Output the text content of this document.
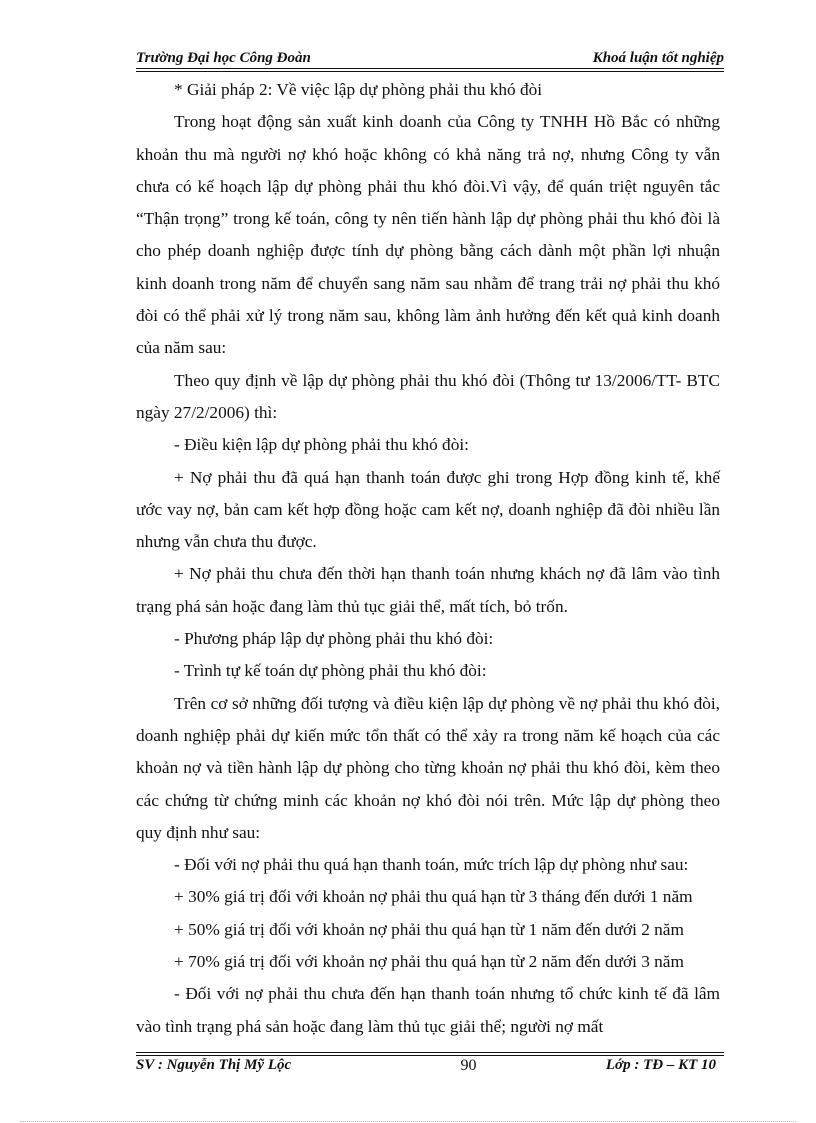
Trường Đại học Công Đoàn	Khoá luận tốt nghiệp

* Giải pháp 2: Về việc lập dự phòng phải thu khó đòi

Trong hoạt động sản xuất kinh doanh của Công ty TNHH Hồ Bắc có những khoản thu mà người nợ khó hoặc không có khả năng trả nợ, nhưng Công ty vẫn chưa có kế hoạch lập dự phòng phải thu khó đòi.Vì vậy, để quán triệt nguyên tắc “Thận trọng” trong kế toán, công ty nên tiến hành lập dự phòng phải thu khó đòi là cho phép doanh nghiệp được tính dự phòng bằng cách dành một phần lợi nhuận kinh doanh trong năm để chuyển sang năm sau nhằm để trang trải nợ phải thu khó đòi có thể phải xử lý trong năm sau, không làm ảnh hưởng đến kết quả kinh doanh của năm sau:

Theo quy định về lập dự phòng phải thu khó đòi (Thông tư 13/2006/TT- BTC ngày 27/2/2006) thì:

- Điều kiện lập dự phòng phải thu khó đòi:

+ Nợ phải thu đã quá hạn thanh toán được ghi trong Hợp đồng kinh tế, khế ước vay nợ, bản cam kết hợp đồng hoặc cam kết nợ, doanh nghiệp đã đòi nhiều lần nhưng vẫn chưa thu được.

+ Nợ phải thu chưa đến thời hạn thanh toán nhưng khách nợ đã lâm vào tình trạng phá sản hoặc đang làm thủ tục giải thể, mất tích, bỏ trốn.

- Phương pháp lập dự phòng phải thu khó đòi:

- Trình tự kế toán dự phòng phải thu khó đòi:

Trên cơ sở những đối tượng và điều kiện lập dự phòng về nợ phải thu khó đòi, doanh nghiệp phải dự kiến mức tổn thất có thể xảy ra trong năm kế hoạch của các khoản nợ và tiền hành lập dự phòng cho từng khoản nợ phải thu khó đòi, kèm theo các chứng từ chứng minh các khoản nợ khó đòi nói trên. Mức lập dự phòng theo quy định như sau:

- Đối với nợ phải thu quá hạn thanh toán, mức trích lập dự phòng như sau:

+ 30% giá trị đối với khoản nợ phải thu quá hạn từ 3 tháng đến dưới 1 năm

+ 50% giá trị đối với khoản nợ phải thu quá hạn từ 1 năm đến dưới 2 năm

+ 70% giá trị đối với khoản nợ phải thu quá hạn từ 2 năm đến dưới 3 năm

- Đối với nợ phải thu chưa đến hạn thanh toán nhưng tổ chức kinh tế đã lâm vào tình trạng phá sản hoặc đang làm thủ tục giải thể; người nợ mất

SV : Nguyễn Thị Mỹ Lộc	90	Lớp : TĐ – KT 10
